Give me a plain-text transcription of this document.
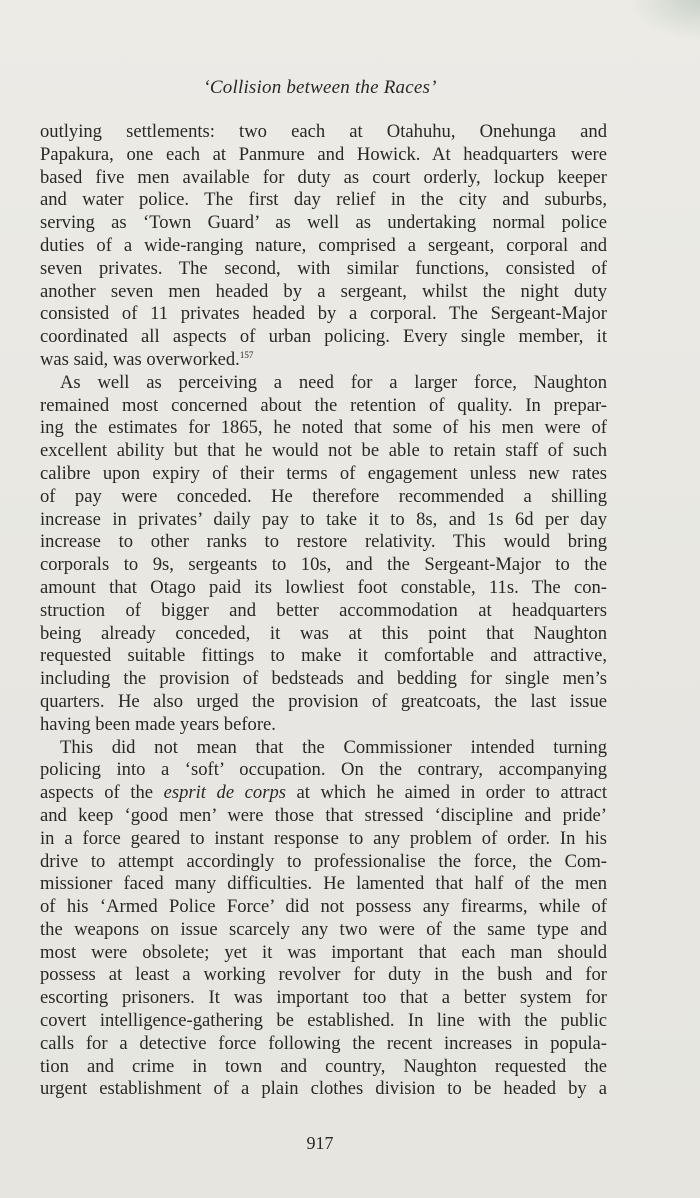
‘Collision between the Races’
outlying settlements: two each at Otahuhu, Onehunga and
Papakura, one each at Panmure and Howick. At headquarters were
based five men available for duty as court orderly, lockup keeper
and water police. The first day relief in the city and suburbs,
serving as ‘Town Guard’ as well as undertaking normal police
duties of a wide-ranging nature, comprised a sergeant, corporal and
seven privates. The second, with similar functions, consisted of
another seven men headed by a sergeant, whilst the night duty
consisted of 11 privates headed by a corporal. The Sergeant-Major
coordinated all aspects of urban policing. Every single member, it
was said, was overworked.$^{157}$
As well as perceiving a need for a larger force, Naughton
remained most concerned about the retention of quality. In prepar-
ing the estimates for 1865, he noted that some of his men were of
excellent ability but that he would not be able to retain staff of such
calibre upon expiry of their terms of engagement unless new rates
of pay were conceded. He therefore recommended a shilling
increase in privates’ daily pay to take it to 8s, and 1s 6d per day
increase to other ranks to restore relativity. This would bring
corporals to 9s, sergeants to 10s, and the Sergeant-Major to the
amount that Otago paid its lowliest foot constable, 11s. The con-
struction of bigger and better accommodation at headquarters
being already conceded, it was at this point that Naughton
requested suitable fittings to make it comfortable and attractive,
including the provision of bedsteads and bedding for single men’s
quarters. He also urged the provision of greatcoats, the last issue
having been made years before.
This did not mean that the Commissioner intended turning
policing into a ‘soft’ occupation. On the contrary, accompanying
aspects of the esprit de corps at which he aimed in order to attract
and keep ‘good men’ were those that stressed ‘discipline and pride’
in a force geared to instant response to any problem of order. In his
drive to attempt accordingly to professionalise the force, the Com-
missioner faced many difficulties. He lamented that half of the men
of his ‘Armed Police Force’ did not possess any firearms, while of
the weapons on issue scarcely any two were of the same type and
most were obsolete; yet it was important that each man should
possess at least a working revolver for duty in the bush and for
escorting prisoners. It was important too that a better system for
covert intelligence-gathering be established. In line with the public
calls for a detective force following the recent increases in popula-
tion and crime in town and country, Naughton requested the
urgent establishment of a plain clothes division to be headed by a
917
